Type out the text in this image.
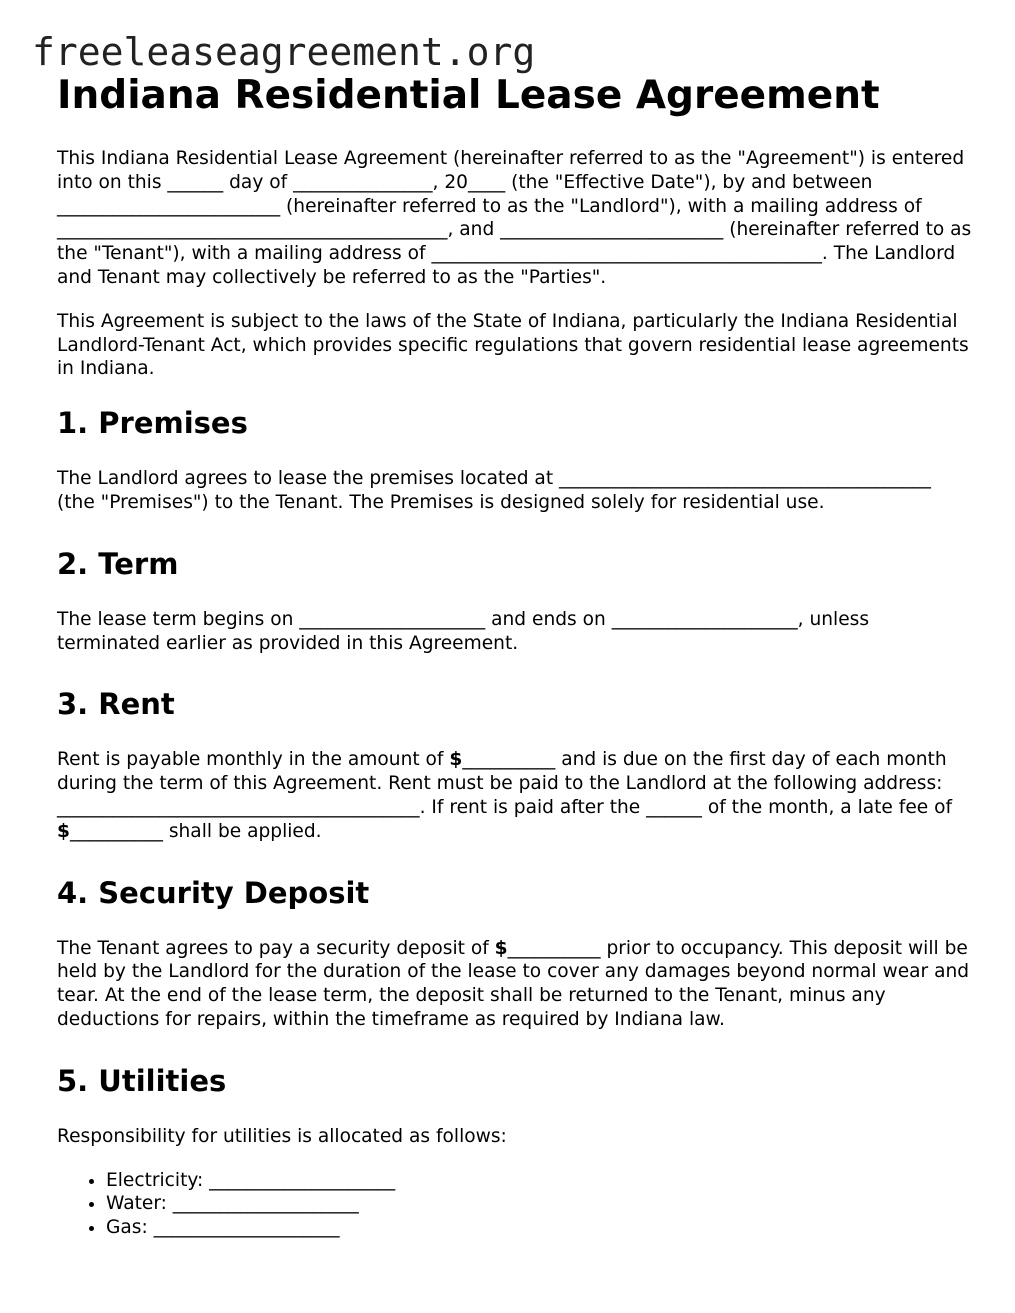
freeleaseagreement.org
Indiana Residential Lease Agreement

This Indiana Residential Lease Agreement (hereinafter referred to as the "Agreement") is entered into on this ______ day of _______________, 20____ (the "Effective Date"), by and between ________________________ (hereinafter referred to as the "Landlord"), with a mailing address of __________________________________________, and ________________________ (hereinafter referred to as the "Tenant"), with a mailing address of __________________________________________. The Landlord and Tenant may collectively be referred to as the "Parties".

This Agreement is subject to the laws of the State of Indiana, particularly the Indiana Residential Landlord-Tenant Act, which provides specific regulations that govern residential lease agreements in Indiana.

1. Premises

The Landlord agrees to lease the premises located at ________________________________________ (the "Premises") to the Tenant. The Premises is designed solely for residential use.

2. Term

The lease term begins on ____________________ and ends on ____________________, unless terminated earlier as provided in this Agreement.

3. Rent

Rent is payable monthly in the amount of $__________ and is due on the first day of each month during the term of this Agreement. Rent must be paid to the Landlord at the following address: _______________________________________. If rent is paid after the ______ of the month, a late fee of $__________ shall be applied.

4. Security Deposit

The Tenant agrees to pay a security deposit of $__________ prior to occupancy. This deposit will be held by the Landlord for the duration of the lease to cover any damages beyond normal wear and tear. At the end of the lease term, the deposit shall be returned to the Tenant, minus any deductions for repairs, within the timeframe as required by Indiana law.

5. Utilities

Responsibility for utilities is allocated as follows:

• Electricity: ____________________
• Water: ____________________
• Gas: ____________________
